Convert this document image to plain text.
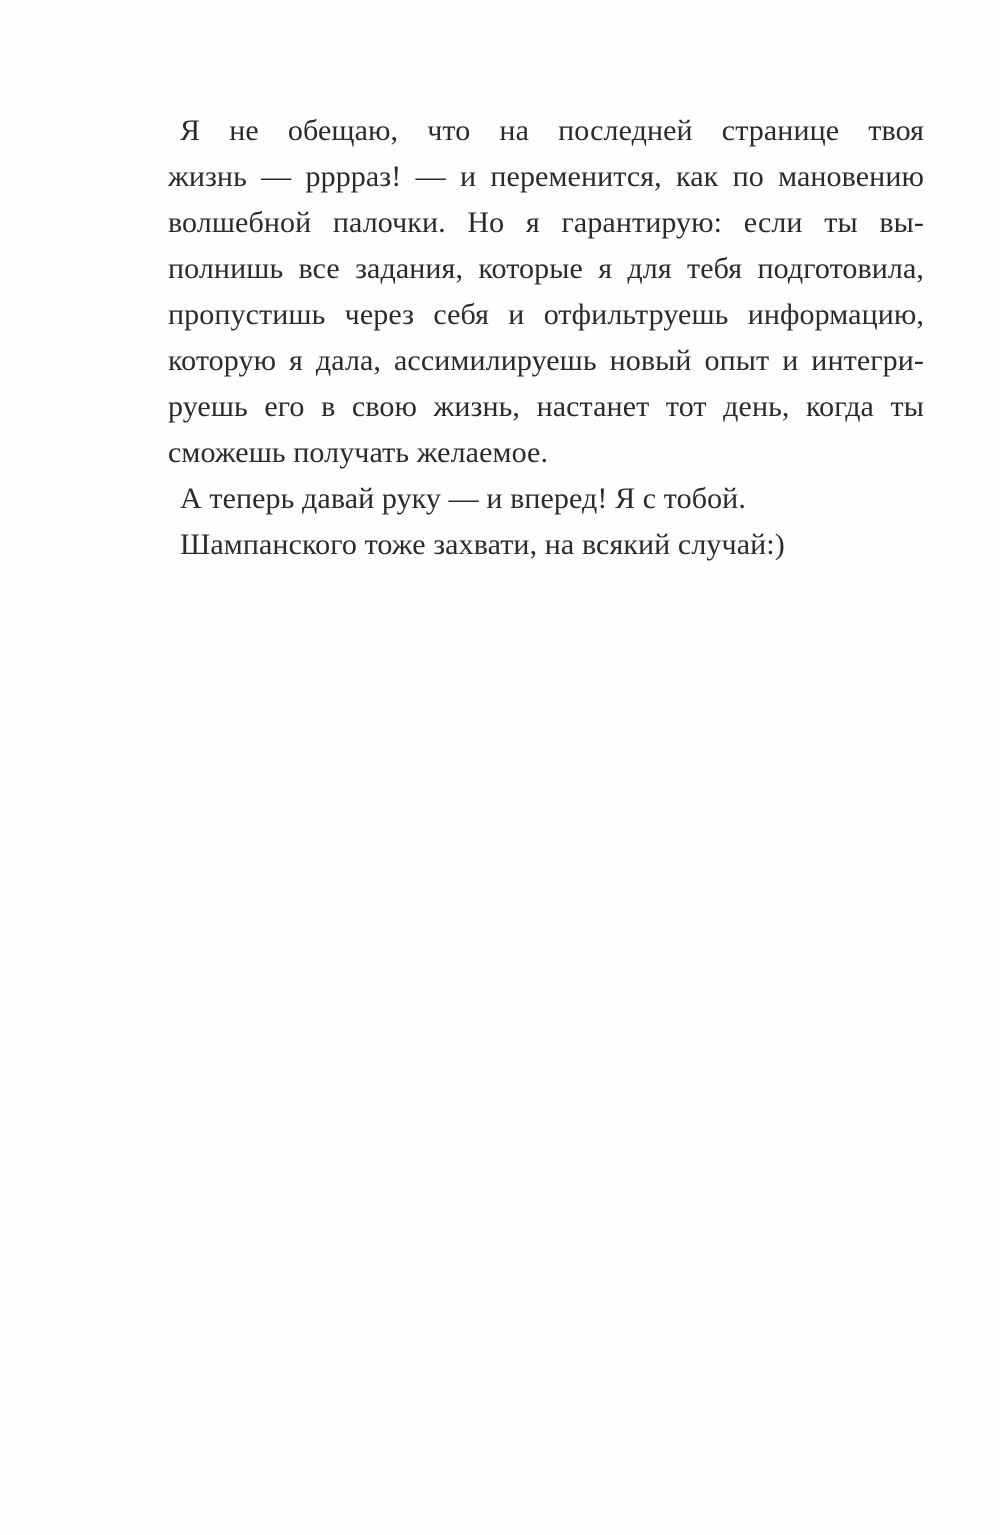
Я не обещаю, что на последней странице твоя
жизнь — рррраз! — и переменится, как по мановению
волшебной палочки. Но я гарантирую: если ты вы-
полнишь все задания, которые я для тебя подготовила,
пропустишь через себя и отфильтруешь информацию,
которую я дала, ассимилируешь новый опыт и интегри-
руешь его в свою жизнь, настанет тот день, когда ты
сможешь получать желаемое.
А теперь давай руку — и вперед! Я с тобой.
Шампанского тоже захвати, на всякий случай:)
